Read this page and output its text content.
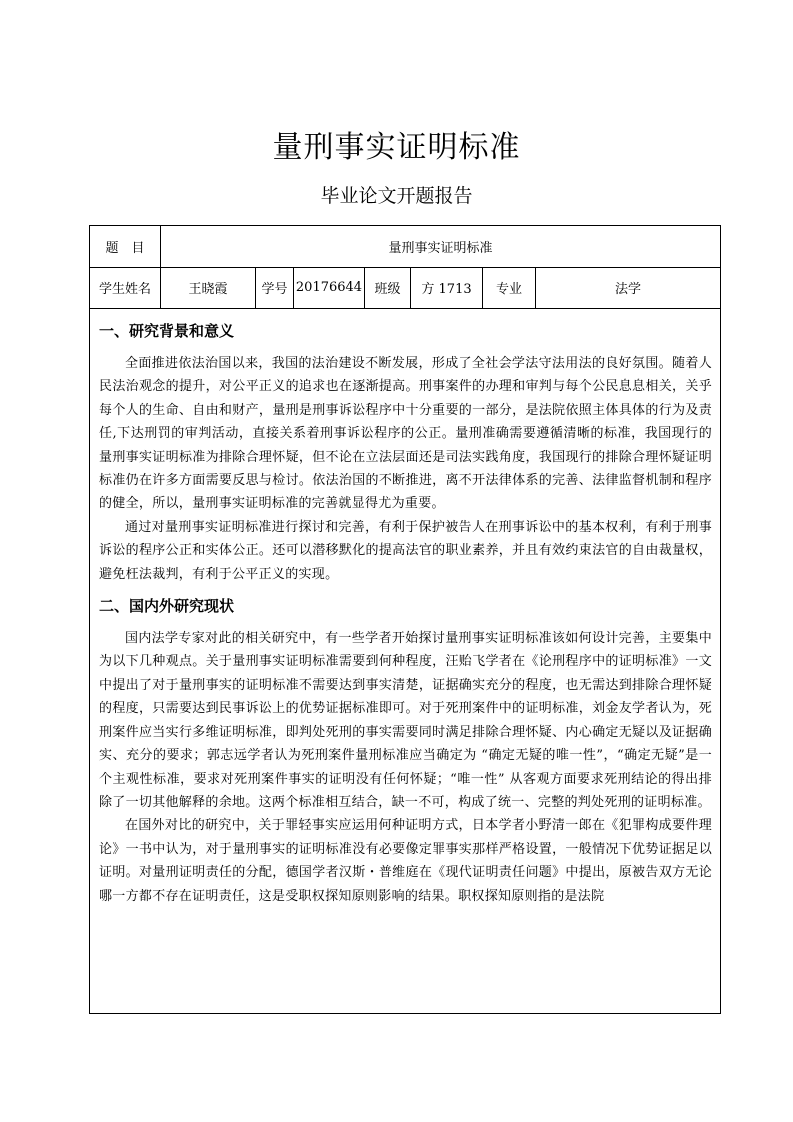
量刑事实证明标准
毕业论文开题报告
题　目	量刑事实证明标准
学生姓名	王晓霞	学号 20176644 班级	方 1713	专业	法学
一、研究背景和意义

全面推进依法治国以来，我国的法治建设不断发展，形成了全社会学法守法用法的良好氛围。随着人民法治观念的提升，对公平正义的追求也在逐渐提高。刑事案件的办理和审判与每个公民息息相关，关乎每个人的生命、自由和财产，量刑是刑事诉讼程序中十分重要的一部分，是法院依照主体具体的行为及责任,下达刑罚的审判活动，直接关系着刑事诉讼程序的公正。量刑准确需要遵循清晰的标准，我国现行的量刑事实证明标准为排除合理怀疑，但不论在立法层面还是司法实践角度，我国现行的排除合理怀疑证明标准仍在许多方面需要反思与检讨。依法治国的不断推进，离不开法律体系的完善、法律监督机制和程序的健全，所以，量刑事实证明标准的完善就显得尤为重要。

通过对量刑事实证明标准进行探讨和完善，有利于保护被告人在刑事诉讼中的基本权利，有利于刑事诉讼的程序公正和实体公正。还可以潜移默化的提高法官的职业素养，并且有效约束法官的自由裁量权，避免枉法裁判，有利于公平正义的实现。

二、国内外研究现状

国内法学专家对此的相关研究中，有一些学者开始探讨量刑事实证明标准该如何设计完善，主要集中为以下几种观点。关于量刑事实证明标准需要到何种程度，汪贻飞学者在《论刑程序中的证明标准》一文中提出了对于量刑事实的证明标准不需要达到事实清楚，证据确实充分的程度，也无需达到排除合理怀疑的程度，只需要达到民事诉讼上的优势证据标准即可。对于死刑案件中的证明标准，刘金友学者认为，死刑案件应当实行多维证明标准，即判处死刑的事实需要同时满足排除合理怀疑、内心确定无疑以及证据确实、充分的要求；郭志远学者认为死刑案件量刑标准应当确定为 “确定无疑的唯一性”，“确定无疑”是一个主观性标准，要求对死刑案件事实的证明没有任何怀疑；“唯一性” 从客观方面要求死刑结论的得出排除了一切其他解释的余地。这两个标准相互结合，缺一不可，构成了统一、完整的判处死刑的证明标准。

在国外对比的研究中，关于罪轻事实应运用何种证明方式，日本学者小野清一郎在《犯罪构成要件理论》一书中认为，对于量刑事实的证明标准没有必要像定罪事实那样严格设置，一般情况下优势证据足以证明。对量刑证明责任的分配，德国学者汉斯・普维庭在《现代证明责任问题》中提出，原被告双方无论哪一方都不存在证明责任，这是受职权探知原则影响的结果。职权探知原则指的是法院
